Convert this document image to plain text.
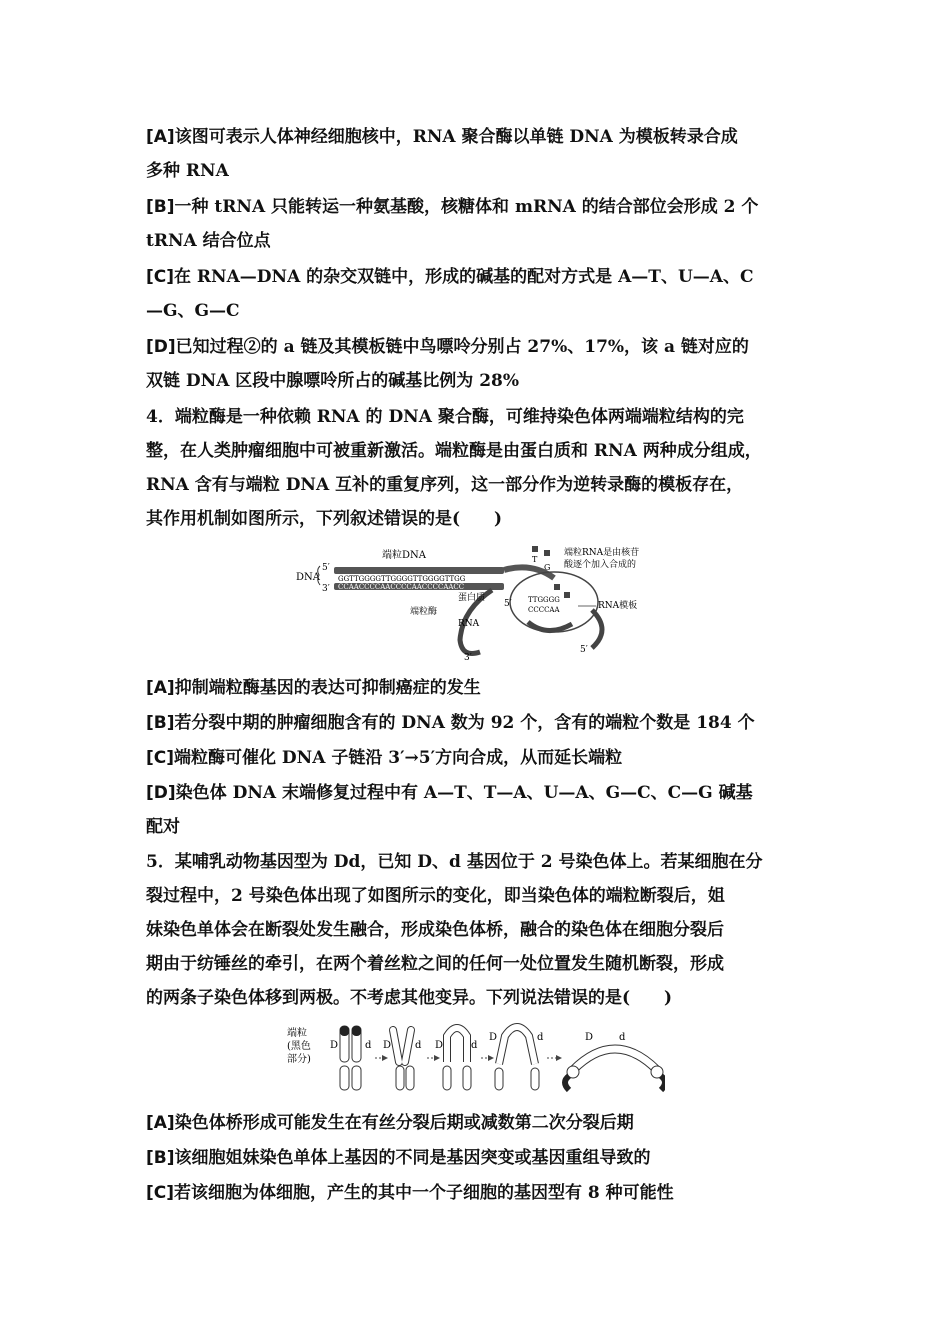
[A]该图可表示人体神经细胞核中，RNA 聚合酶以单链 DNA 为模板转录合成
多种 RNA
[B]一种 tRNA 只能转运一种氨基酸，核糖体和 mRNA 的结合部位会形成 2 个
tRNA 结合位点
[C]在 RNA—DNA 的杂交双链中，形成的碱基的配对方式是 A—T、U—A、C
—G、G—C
[D]已知过程②的 a 链及其模板链中鸟嘌呤分别占 27%、17%，该 a 链对应的
双链 DNA 区段中腺嘌呤所占的碱基比例为 28%
4．端粒酶是一种依赖 RNA 的 DNA 聚合酶，可维持染色体两端端粒结构的完
整，在人类肿瘤细胞中可被重新激活。端粒酶是由蛋白质和 RNA 两种成分组成，
RNA 含有与端粒 DNA 互补的重复序列，这一部分作为逆转录酶的模板存在，
其作用机制如图所示，下列叙述错误的是(　　)
端粒DNA
DNA
5′
3′
GGTTGGGGTTGGGGTTGGGGTTGG
CCAACCCCAACCCCAACCCCAACC
T
G
端粒RNA是由核苷
酸逐个加入合成的
TTGGGG
CCCCAA	RNA模板
蛋白质
端粒酶
RNA
5′
3′
5′
[A]抑制端粒酶基因的表达可抑制癌症的发生
[B]若分裂中期的肿瘤细胞含有的 DNA 数为 92 个，含有的端粒个数是 184 个
[C]端粒酶可催化 DNA 子链沿 3′→5′方向合成，从而延长端粒
[D]染色体 DNA 末端修复过程中有 A—T、T—A、U—A、G—C、C—G 碱基
配对
5．某哺乳动物基因型为 Dd，已知 D、d 基因位于 2 号染色体上。若某细胞在分
裂过程中，2 号染色体出现了如图所示的变化，即当染色体的端粒断裂后，姐
妹染色单体会在断裂处发生融合，形成染色体桥，融合的染色体在细胞分裂后
期由于纺锤丝的牵引，在两个着丝粒之间的任何一处位置发生随机断裂，形成
的两条子染色体移到两极。不考虑其他变异。下列说法错误的是(　　)
端粒
(黑色
部分)
D	d D d D	d
D	d	D	d
[A]染色体桥形成可能发生在有丝分裂后期或减数第二次分裂后期
[B]该细胞姐妹染色单体上基因的不同是基因突变或基因重组导致的
[C]若该细胞为体细胞，产生的其中一个子细胞的基因型有 8 种可能性
